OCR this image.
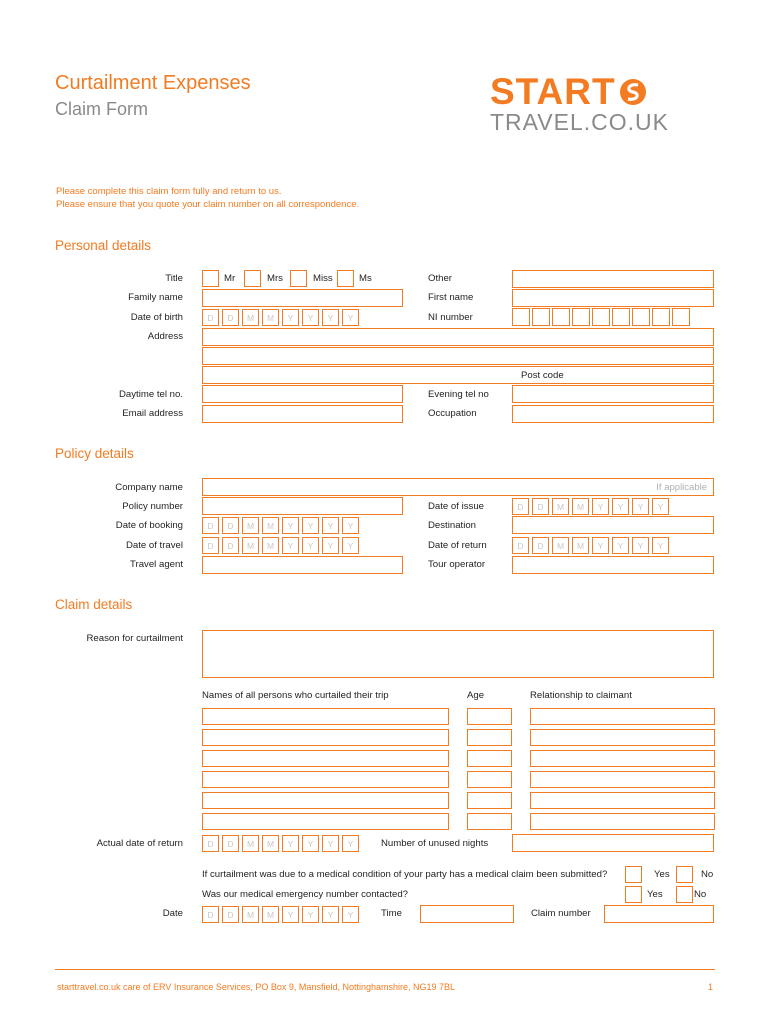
Curtailment Expenses
Claim Form	START
TRAVEL.CO.UK
Please complete this claim form fully and return to us.
Please ensure that you quote your claim number on all correspondence.
Personal details
Title	Mr	Mrs	Miss	Ms	Other
Family name	First name
Date of birth	D	D	M	M	Y	Y	Y	Y	NI number
Address
Post code
Daytime tel no.	Evening tel no
Email address	Occupation
Policy details
Company name	If applicable
Policy number	Date of issue	D	D	M	M	Y	Y	Y	Y
Date of booking	D	D	M	M	Y	Y	Y	Y	Destination
Date of travel	D	D	M	M	Y	Y	Y	Y	Date of return	D	D	M	M	Y	Y	Y	Y
Travel agent	Tour operator
Claim details
Reason for curtailment
Names of all persons who curtailed their trip	Age	Relationship to claimant
Actual date of return	D	D	M	M	Y	Y	Y	Y	Number of unused nights
If curtailment was due to a medical condition of your party has a medical claim been submitted?	Yes	No
Was our medical emergency number contacted?	Yes	No
Date	D	D	M	M	Y	Y	Y	Y	Time	Claim number
starttravel.co.uk care of ERV Insurance Services, PO Box 9, Mansfield, Nottinghamshire, NG19 7BL	1
